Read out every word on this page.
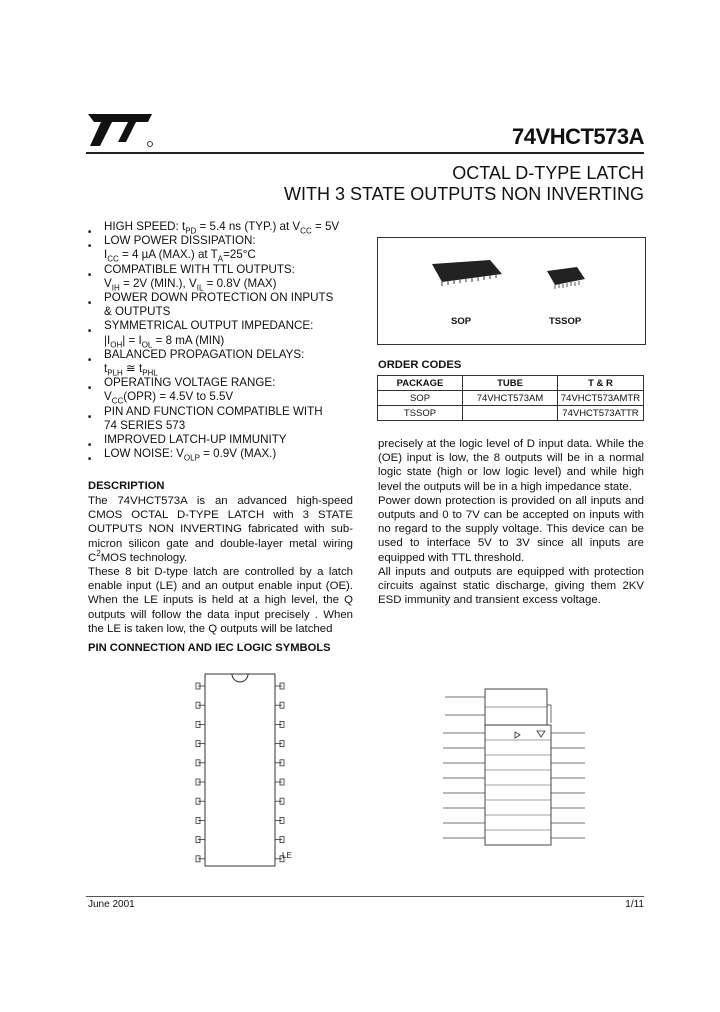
74VHCT573A
OCTAL D-TYPE LATCH
WITH 3 STATE OUTPUTS NON INVERTING
■ HIGH SPEED: $t_{PD} = 5.4$ ns (TYP.) at $V_{CC} = 5V$
■ LOW POWER DISSIPATION:
$I_{CC} = 4$ µA (MAX.) at $T_A=25^\circ C$
■ COMPATIBLE WITH TTL OUTPUTS:
$V_{IH} = 2V$ (MIN.), $V_{IL} = 0.8V$ (MAX)
■ POWER DOWN PROTECTION ON INPUTS
& OUTPUTS
■ SYMMETRICAL OUTPUT IMPEDANCE:
$|I_{OH}| = I_{OL} = 8$ mA (MIN)
■ BALANCED PROPAGATION DELAYS:
$t_{PLH}$ ≅ $t_{PHL}$
■ OPERATING VOLTAGE RANGE:
$V_{CC}(OPR) = 4.5V$ to 5.5V
■ PIN AND FUNCTION COMPATIBLE WITH
74 SERIES 573
■ IMPROVED LATCH-UP IMMUNITY
■ LOW NOISE: $V_{OLP} = 0.9V$ (MAX.)
SOP	TSSOP
ORDER CODES
PACKAGE	TUBE	T & R
SOP	74VHCT573AM	74VHCT573AMTR
TSSOP		74VHCT573ATTR
DESCRIPTION
The 74VHCT573A is an advanced high-speed CMOS OCTAL D-TYPE LATCH with 3 STATE OUTPUTS NON INVERTING fabricated with sub-micron silicon gate and double-layer metal wiring $C^2MOS$ technology.
These 8 bit D-type latch are controlled by a latch enable input (LE) and an output enable input (OE). When the LE inputs is held at a high level, the Q outputs will follow the data input precisely . When the LE is taken low, the Q outputs will be latched
precisely at the logic level of D input data. While the (OE) input is low, the 8 outputs will be in a normal logic state (high or low logic level) and while high level the outputs will be in a high impedance state.
Power down protection is provided on all inputs and outputs and 0 to 7V can be accepted on inputs with no regard to the supply voltage. This device can be used to interface 5V to 3V since all inputs are equipped with TTL threshold.
All inputs and outputs are equipped with protection circuits against static discharge, giving them 2KV ESD immunity and transient excess voltage.
PIN CONNECTION AND IEC LOGIC SYMBOLS
LE
June 2001	1/11
